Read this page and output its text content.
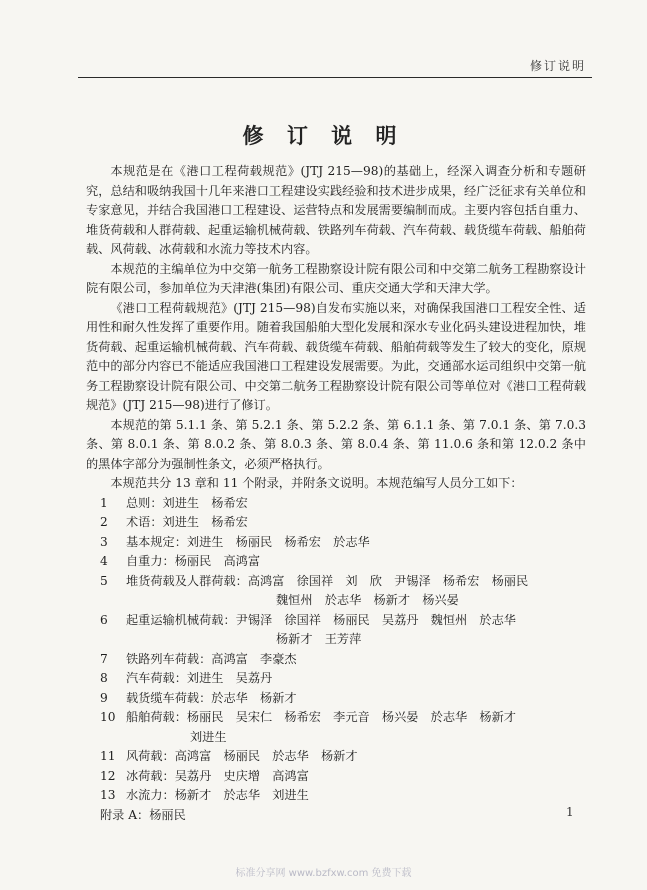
修订说明
修 订 说 明

本规范是在《港口工程荷载规范》(JTJ 215—98)的基础上，经深入调查分析和专题研究，总结和吸纳我国十几年来港口工程建设实践经验和技术进步成果，经广泛征求有关单位和专家意见，并结合我国港口工程建设、运营特点和发展需要编制而成。主要内容包括自重力、堆货荷载和人群荷载、起重运输机械荷载、铁路列车荷载、汽车荷载、载货缆车荷载、船舶荷载、风荷载、冰荷载和水流力等技术内容。

本规范的主编单位为中交第一航务工程勘察设计院有限公司和中交第二航务工程勘察设计院有限公司，参加单位为天津港(集团)有限公司、重庆交通大学和天津大学。

《港口工程荷载规范》(JTJ 215—98)自发布实施以来，对确保我国港口工程安全性、适用性和耐久性发挥了重要作用。随着我国船舶大型化发展和深水专业化码头建设进程加快，堆货荷载、起重运输机械荷载、汽车荷载、载货缆车荷载、船舶荷载等发生了较大的变化，原规范中的部分内容已不能适应我国港口工程建设发展需要。为此，交通部水运司组织中交第一航务工程勘察设计院有限公司、中交第二航务工程勘察设计院有限公司等单位对《港口工程荷载规范》(JTJ 215—98)进行了修订。

本规范的第 5.1.1 条、第 5.2.1 条、第 5.2.2 条、第 6.1.1 条、第 7.0.1 条、第 7.0.3 条、第 8.0.1 条、第 8.0.2 条、第 8.0.3 条、第 8.0.4 条、第 11.0.6 条和第 12.0.2 条中的黑体字部分为强制性条文，必须严格执行。

本规范共分 13 章和 11 个附录，并附条文说明。本规范编写人员分工如下：

1	总则：刘进生　杨希宏
2	术语：刘进生　杨希宏
3	基本规定：刘进生　杨丽民　杨希宏　於志华
4	自重力：杨丽民　高鸿富
5	堆货荷载及人群荷载：高鸿富　徐国祥　刘　欣　尹锡泽　杨希宏　杨丽民
魏恒州　於志华　杨新才　杨兴晏
6	起重运输机械荷载：尹锡泽　徐国祥　杨丽民　吴荔丹　魏恒州　於志华
杨新才　王芳萍
7	铁路列车荷载：高鸿富　李豪杰
8	汽车荷载：刘进生　吴荔丹
9	载货缆车荷载：於志华　杨新才
10 船舶荷载：杨丽民　吴宋仁　杨希宏　李元音　杨兴晏　於志华　杨新才
刘进生
11 风荷载：高鸿富　杨丽民　於志华　杨新才
12 冰荷载：吴荔丹　史庆增　高鸿富
13 水流力：杨新才　於志华　刘进生
附录 A：杨丽民	1
标准分享网 www.bzfxw.com 免费下载
